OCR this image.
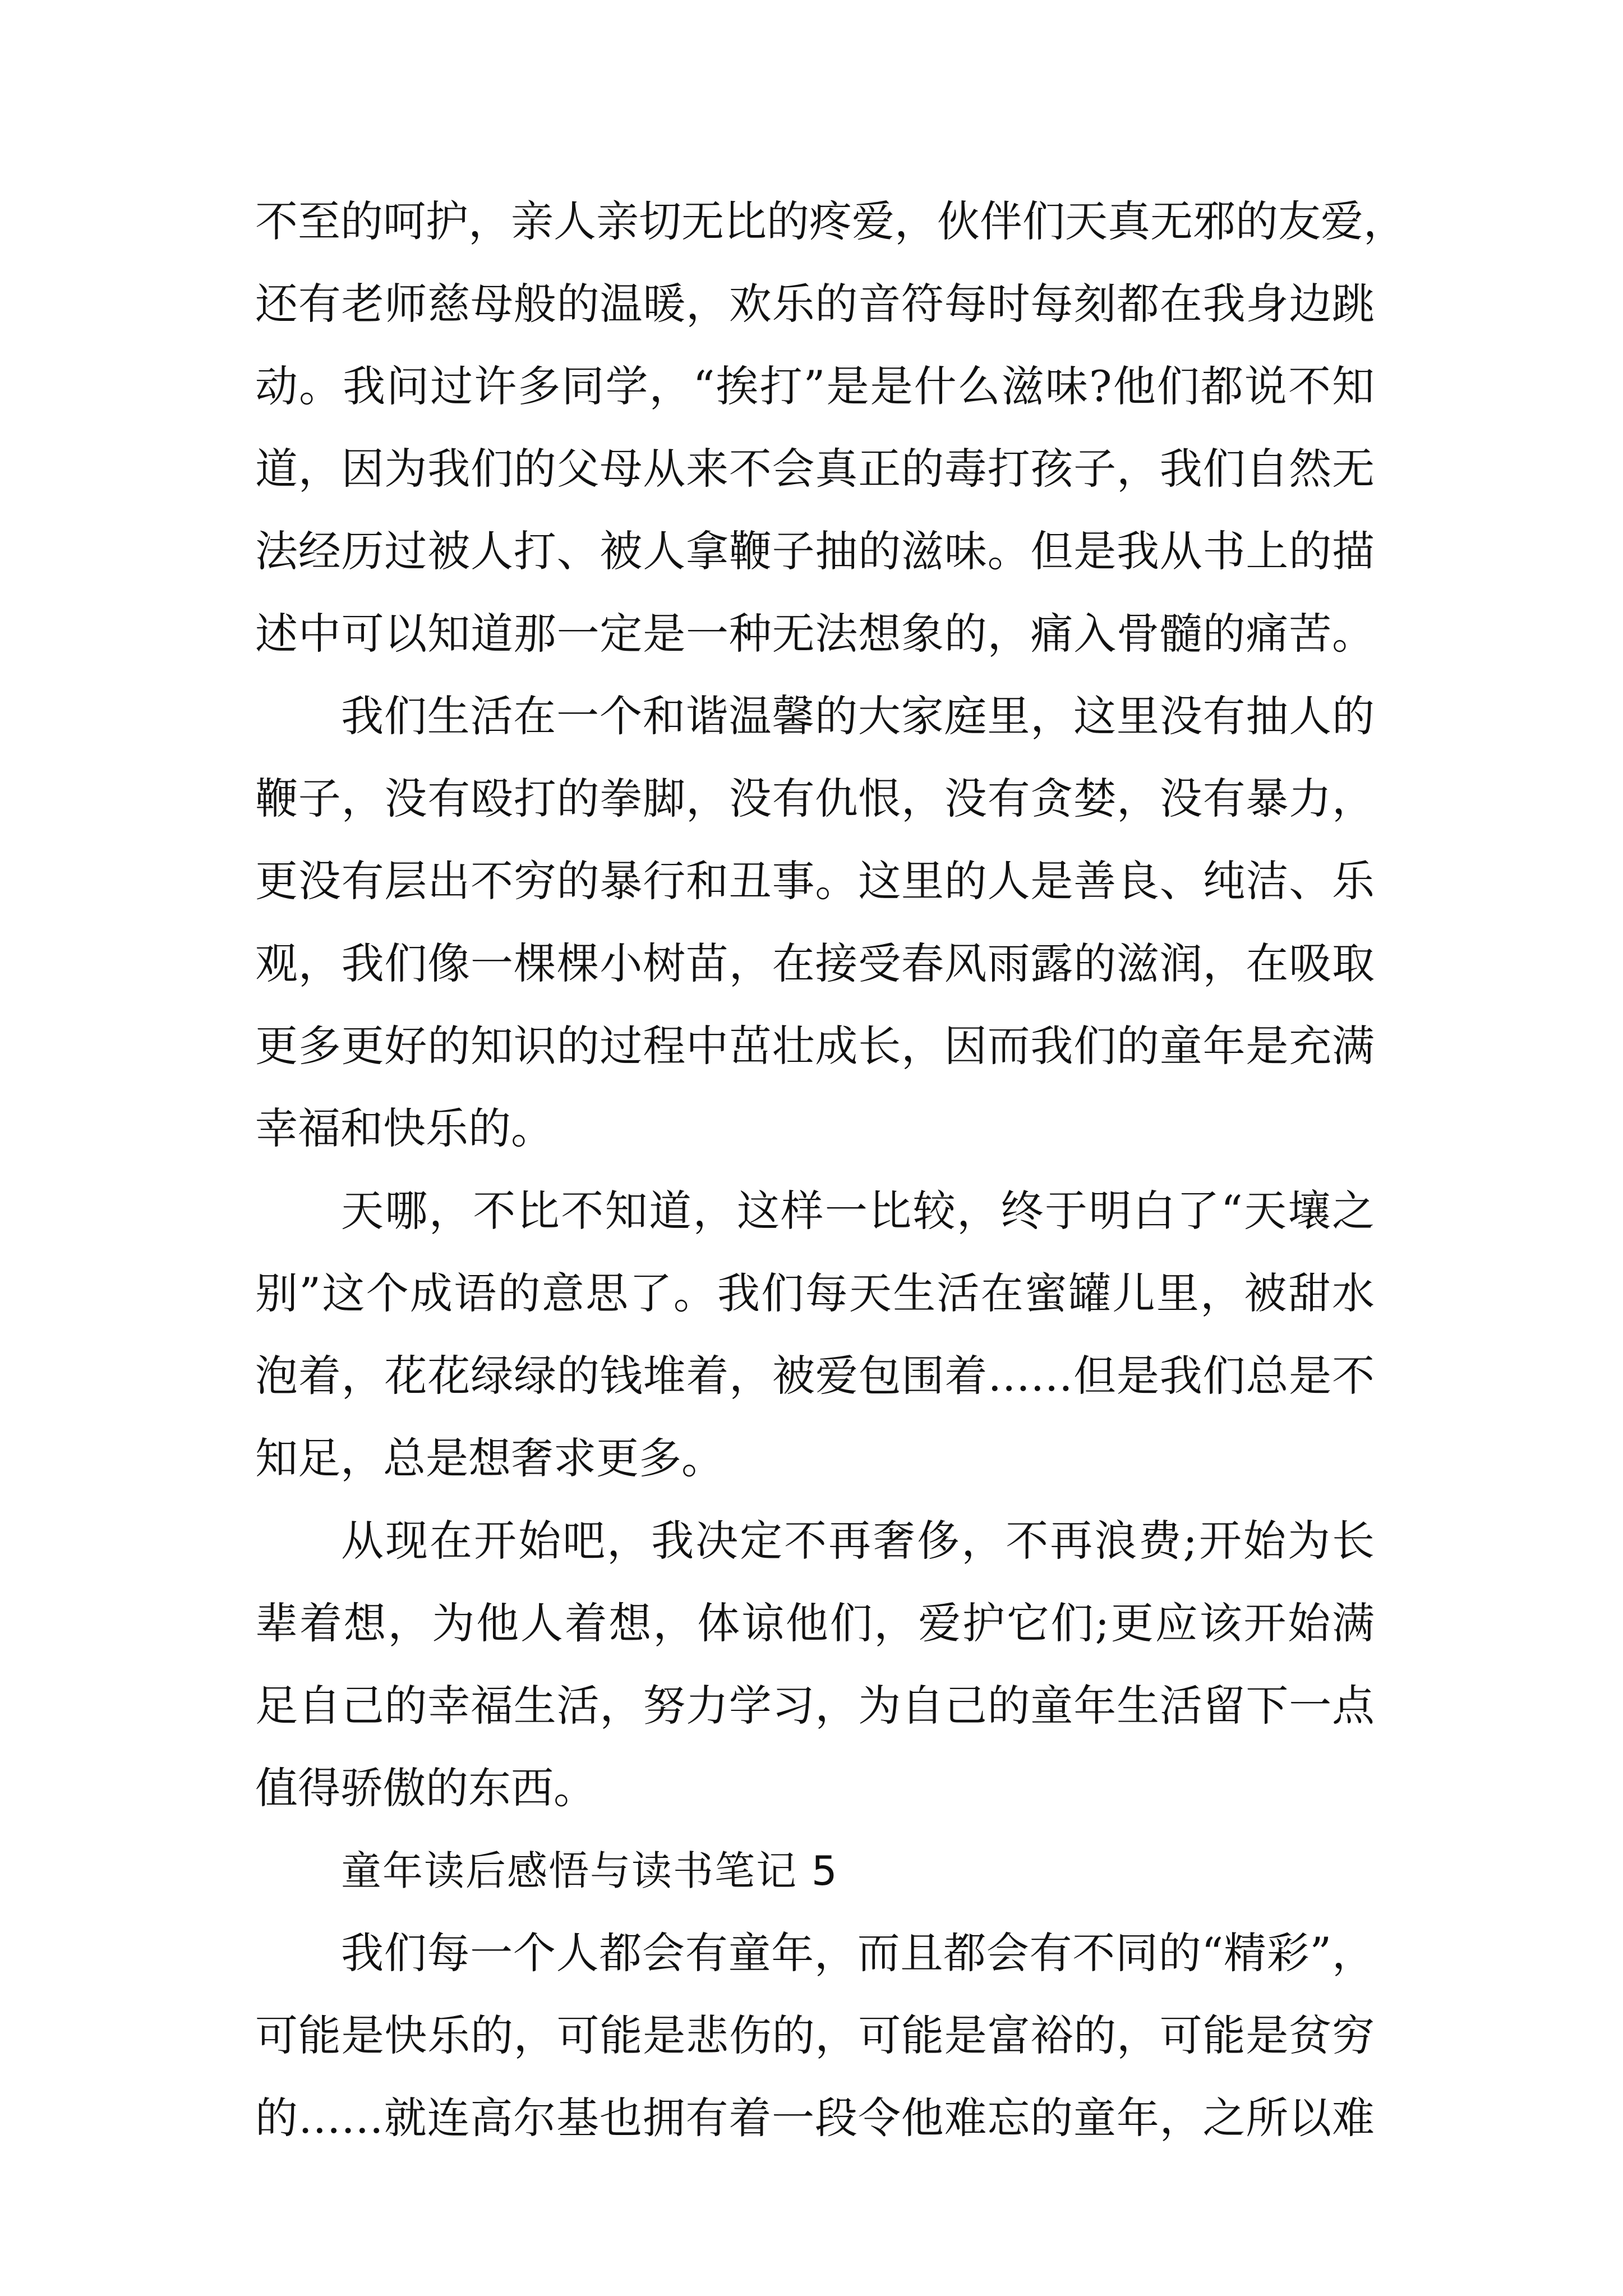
不至的呵护，亲人亲切无比的疼爱，伙伴们天真无邪的友爱，
还有老师慈母般的温暖，欢乐的音符每时每刻都在我身边跳
动。我问过许多同学，“挨打”是是什么滋味?他们都说不知
道，因为我们的父母从来不会真正的毒打孩子，我们自然无
法经历过被人打、被人拿鞭子抽的滋味。但是我从书上的描
述中可以知道那一定是一种无法想象的，痛入骨髓的痛苦。
我们生活在一个和谐温馨的大家庭里，这里没有抽人的
鞭子，没有殴打的拳脚，没有仇恨，没有贪婪，没有暴力，
更没有层出不穷的暴行和丑事。这里的人是善良、纯洁、乐
观，我们像一棵棵小树苗，在接受春风雨露的滋润，在吸取
更多更好的知识的过程中茁壮成长，因而我们的童年是充满
幸福和快乐的。
天哪，不比不知道，这样一比较，终于明白了“天壤之
别”这个成语的意思了。我们每天生活在蜜罐儿里，被甜水
泡着，花花绿绿的钱堆着，被爱包围着……但是我们总是不
知足，总是想奢求更多。
从现在开始吧，我决定不再奢侈，不再浪费;开始为长
辈着想，为他人着想，体谅他们，爱护它们;更应该开始满
足自己的幸福生活，努力学习，为自己的童年生活留下一点
值得骄傲的东西。
童年读后感悟与读书笔记 5
我们每一个人都会有童年，而且都会有不同的“精彩”，
可能是快乐的，可能是悲伤的，可能是富裕的，可能是贫穷
的……就连高尔基也拥有着一段令他难忘的童年，之所以难
